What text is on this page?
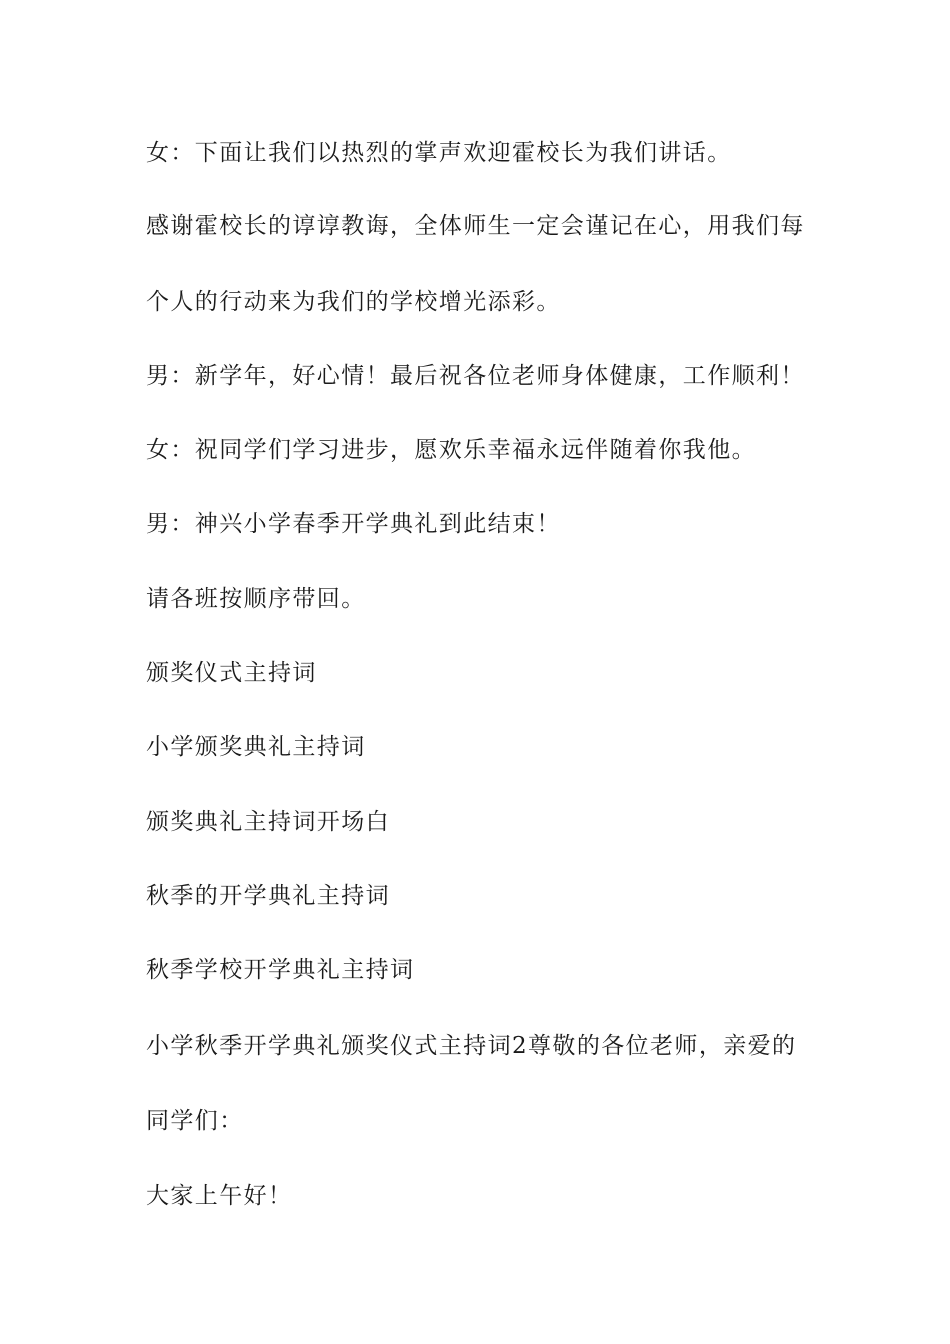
女：下面让我们以热烈的掌声欢迎霍校长为我们讲话。

感谢霍校长的谆谆教诲，全体师生一定会谨记在心，用我们每

个人的行动来为我们的学校增光添彩。

男：新学年，好心情！最后祝各位老师身体健康，工作顺利！

女：祝同学们学习进步，愿欢乐幸福永远伴随着你我他。

男：神兴小学春季开学典礼到此结束！

请各班按顺序带回。

颁奖仪式主持词

小学颁奖典礼主持词

颁奖典礼主持词开场白

秋季的开学典礼主持词

秋季学校开学典礼主持词

小学秋季开学典礼颁奖仪式主持词2尊敬的各位老师，亲爱的

同学们：

大家上午好！
